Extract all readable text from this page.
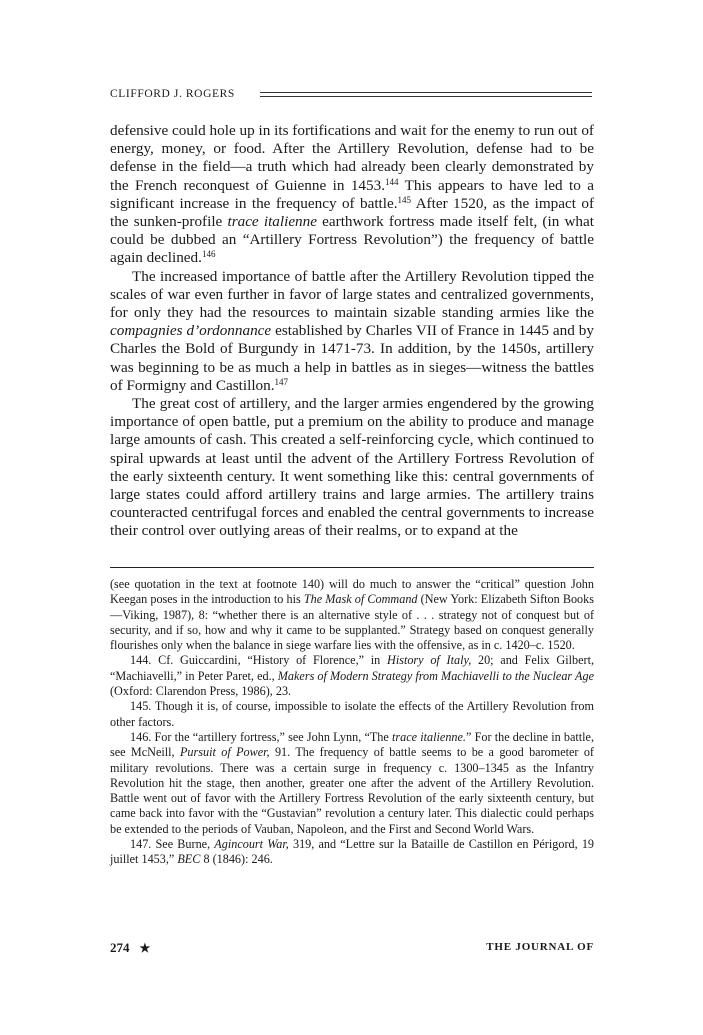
CLIFFORD J. ROGERS

defensive could hole up in its fortifications and wait for the enemy to run out of energy, money, or food. After the Artillery Revolution, defense had to be defense in the field—a truth which had already been clearly demonstrated by the French reconquest of Guienne in 1453.$^{144}$ This appears to have led to a significant increase in the frequency of battle.$^{145}$ After 1520, as the impact of the sunken-profile trace italienne earthwork fortress made itself felt, (in what could be dubbed an “Artillery Fortress Revolution”) the frequency of battle again declined.$^{146}$

The increased importance of battle after the Artillery Revolution tipped the scales of war even further in favor of large states and centralized governments, for only they had the resources to maintain sizable standing armies like the compagnies d’ordonnance established by Charles VII of France in 1445 and by Charles the Bold of Burgundy in 1471-73. In addition, by the 1450s, artillery was beginning to be as much a help in battles as in sieges—witness the battles of Formigny and Castillon.$^{147}$

The great cost of artillery, and the larger armies engendered by the growing importance of open battle, put a premium on the ability to produce and manage large amounts of cash. This created a self-reinforcing cycle, which continued to spiral upwards at least until the advent of the Artillery Fortress Revolution of the early sixteenth century. It went something like this: central governments of large states could afford artillery trains and large armies. The artillery trains counteracted centrifugal forces and enabled the central governments to increase their control over outlying areas of their realms, or to expand at the

(see quotation in the text at footnote 140) will do much to answer the “critical” question John Keegan poses in the introduction to his The Mask of Command (New York: Elizabeth Sifton Books—Viking, 1987), 8: “whether there is an alternative style of . . . strategy not of conquest but of security, and if so, how and why it came to be supplanted.” Strategy based on conquest generally flourishes only when the balance in siege warfare lies with the offensive, as in c. 1420–c. 1520.

144. Cf. Guiccardini, “History of Florence,” in History of Italy, 20; and Felix Gilbert, “Machiavelli,” in Peter Paret, ed., Makers of Modern Strategy from Machiavelli to the Nuclear Age (Oxford: Clarendon Press, 1986), 23.

145. Though it is, of course, impossible to isolate the effects of the Artillery Revolution from other factors.

146. For the “artillery fortress,” see John Lynn, “The trace italienne.” For the decline in battle, see McNeill, Pursuit of Power, 91. The frequency of battle seems to be a good barometer of military revolutions. There was a certain surge in frequency c. 1300–1345 as the Infantry Revolution hit the stage, then another, greater one after the advent of the Artillery Revolution. Battle went out of favor with the Artillery Fortress Revolution of the early sixteenth century, but came back into favor with the “Gustavian” revolution a century later. This dialectic could perhaps be extended to the periods of Vauban, Napoleon, and the First and Second World Wars.

147. See Burne, Agincourt War, 319, and “Lettre sur la Bataille de Castillon en Périgord, 19 juillet 1453,” BEC 8 (1846): 246.

274 ★	THE JOURNAL OF
